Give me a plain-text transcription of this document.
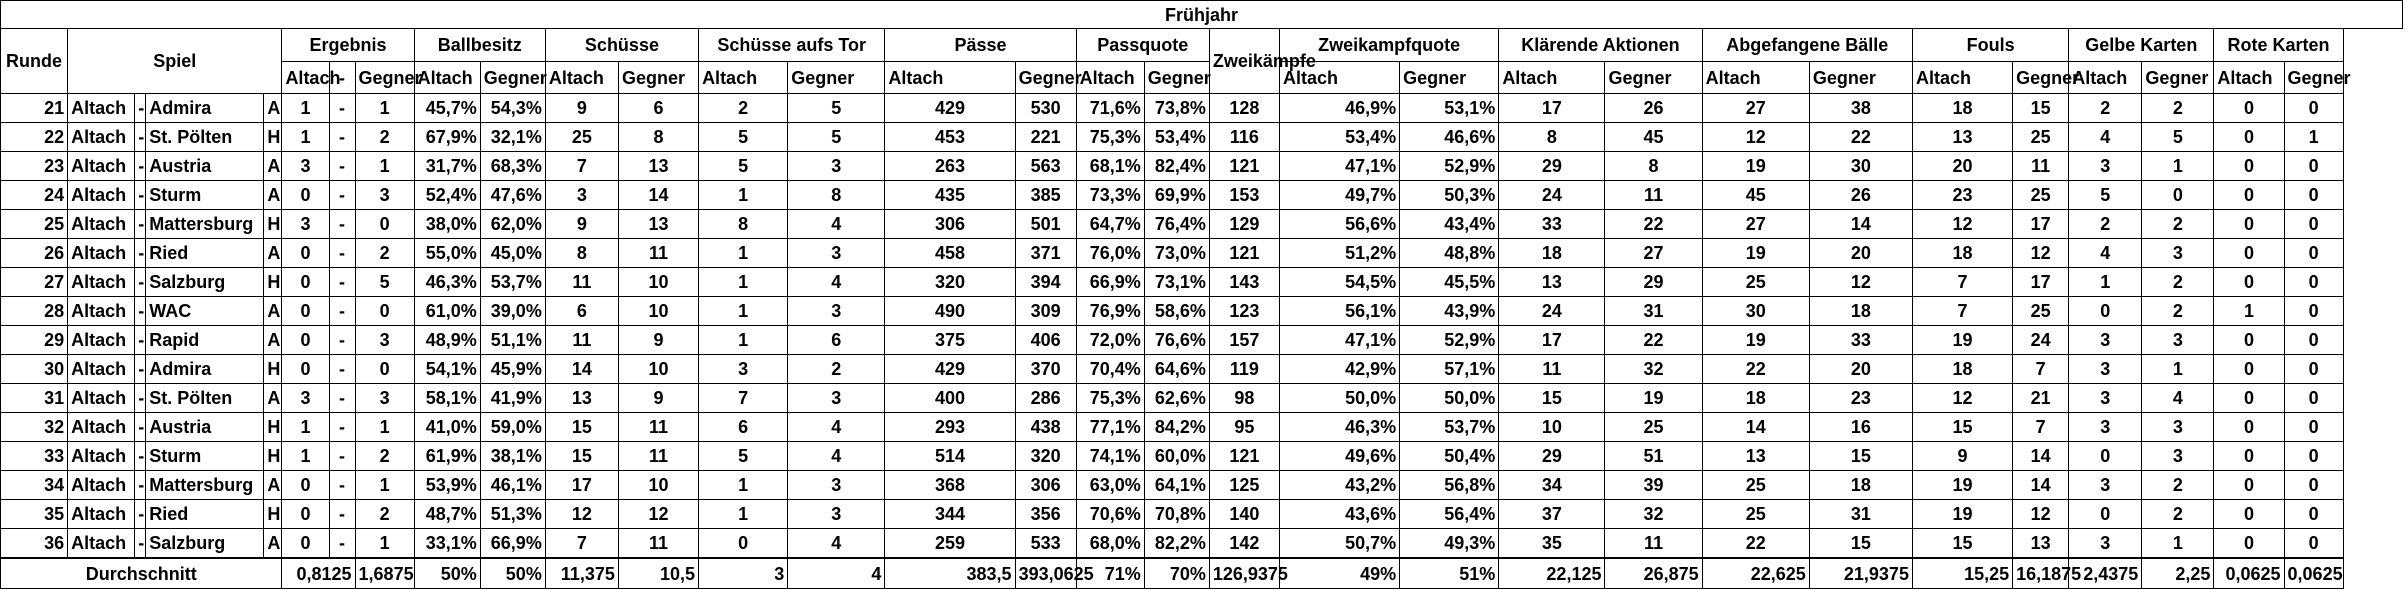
Frühjahr																														
Runde	Spiel				Ergebnis			Ballbesitz		Schüsse		Schüsse aufs Tor		Pässe		Passquote		Zweikämpfe	Zweikampfquote		Klärende Aktionen		Abgefangene Bälle		Fouls		Gelbe Karten		Rote Karten	
					Altach	-	Gegner	Altach	Gegner	Altach	Gegner	Altach	Gegner	Altach	Gegner	Altach	Gegner		Altach	Gegner	Altach	Gegner	Altach	Gegner	Altach	Gegner	Altach	Gegner	Altach	Gegner
21	Altach	-	Admira	A	1	-	1	45,7%	54,3%	9	6	2	5	429	530	71,6%	73,8%	128	46,9%	53,1%	17	26	27	38	18	15	2	2	0	0
22	Altach	-	St. Pölten	H	1	-	2	67,9%	32,1%	25	8	5	5	453	221	75,3%	53,4%	116	53,4%	46,6%	8	45	12	22	13	25	4	5	0	1
23	Altach	-	Austria	A	3	-	1	31,7%	68,3%	7	13	5	3	263	563	68,1%	82,4%	121	47,1%	52,9%	29	8	19	30	20	11	3	1	0	0
24	Altach	-	Sturm	A	0	-	3	52,4%	47,6%	3	14	1	8	435	385	73,3%	69,9%	153	49,7%	50,3%	24	11	45	26	23	25	5	0	0	0
25	Altach	-	Mattersburg	H	3	-	0	38,0%	62,0%	9	13	8	4	306	501	64,7%	76,4%	129	56,6%	43,4%	33	22	27	14	12	17	2	2	0	0
26	Altach	-	Ried	A	0	-	2	55,0%	45,0%	8	11	1	3	458	371	76,0%	73,0%	121	51,2%	48,8%	18	27	19	20	18	12	4	3	0	0
27	Altach	-	Salzburg	H	0	-	5	46,3%	53,7%	11	10	1	4	320	394	66,9%	73,1%	143	54,5%	45,5%	13	29	25	12	7	17	1	2	0	0
28	Altach	-	WAC	A	0	-	0	61,0%	39,0%	6	10	1	3	490	309	76,9%	58,6%	123	56,1%	43,9%	24	31	30	18	7	25	0	2	1	0
29	Altach	-	Rapid	A	0	-	3	48,9%	51,1%	11	9	1	6	375	406	72,0%	76,6%	157	47,1%	52,9%	17	22	19	33	19	24	3	3	0	0
30	Altach	-	Admira	H	0	-	0	54,1%	45,9%	14	10	3	2	429	370	70,4%	64,6%	119	42,9%	57,1%	11	32	22	20	18	7	3	1	0	0
31	Altach	-	St. Pölten	A	3	-	3	58,1%	41,9%	13	9	7	3	400	286	75,3%	62,6%	98	50,0%	50,0%	15	19	18	23	12	21	3	4	0	0
32	Altach	-	Austria	H	1	-	1	41,0%	59,0%	15	11	6	4	293	438	77,1%	84,2%	95	46,3%	53,7%	10	25	14	16	15	7	3	3	0	0
33	Altach	-	Sturm	H	1	-	2	61,9%	38,1%	15	11	5	4	514	320	74,1%	60,0%	121	49,6%	50,4%	29	51	13	15	9	14	0	3	0	0
34	Altach	-	Mattersburg	A	0	-	1	53,9%	46,1%	17	10	1	3	368	306	63,0%	64,1%	125	43,2%	56,8%	34	39	25	18	19	14	3	2	0	0
35	Altach	-	Ried	H	0	-	2	48,7%	51,3%	12	12	1	3	344	356	70,6%	70,8%	140	43,6%	56,4%	37	32	25	31	19	12	0	2	0	0
36	Altach	-	Salzburg	A	0	-	1	33,1%	66,9%	7	11	0	4	259	533	68,0%	82,2%	142	50,7%	49,3%	35	11	22	15	15	13	3	1	0	0
Durchschnitt					0,8125		1,6875	50%	50%	11,375	10,5	3	4	383,5	393,0625	71%	70%	126,9375	49%	51%	22,125	26,875	22,625	21,9375	15,25	16,1875	2,4375	2,25	0,0625	0,0625
